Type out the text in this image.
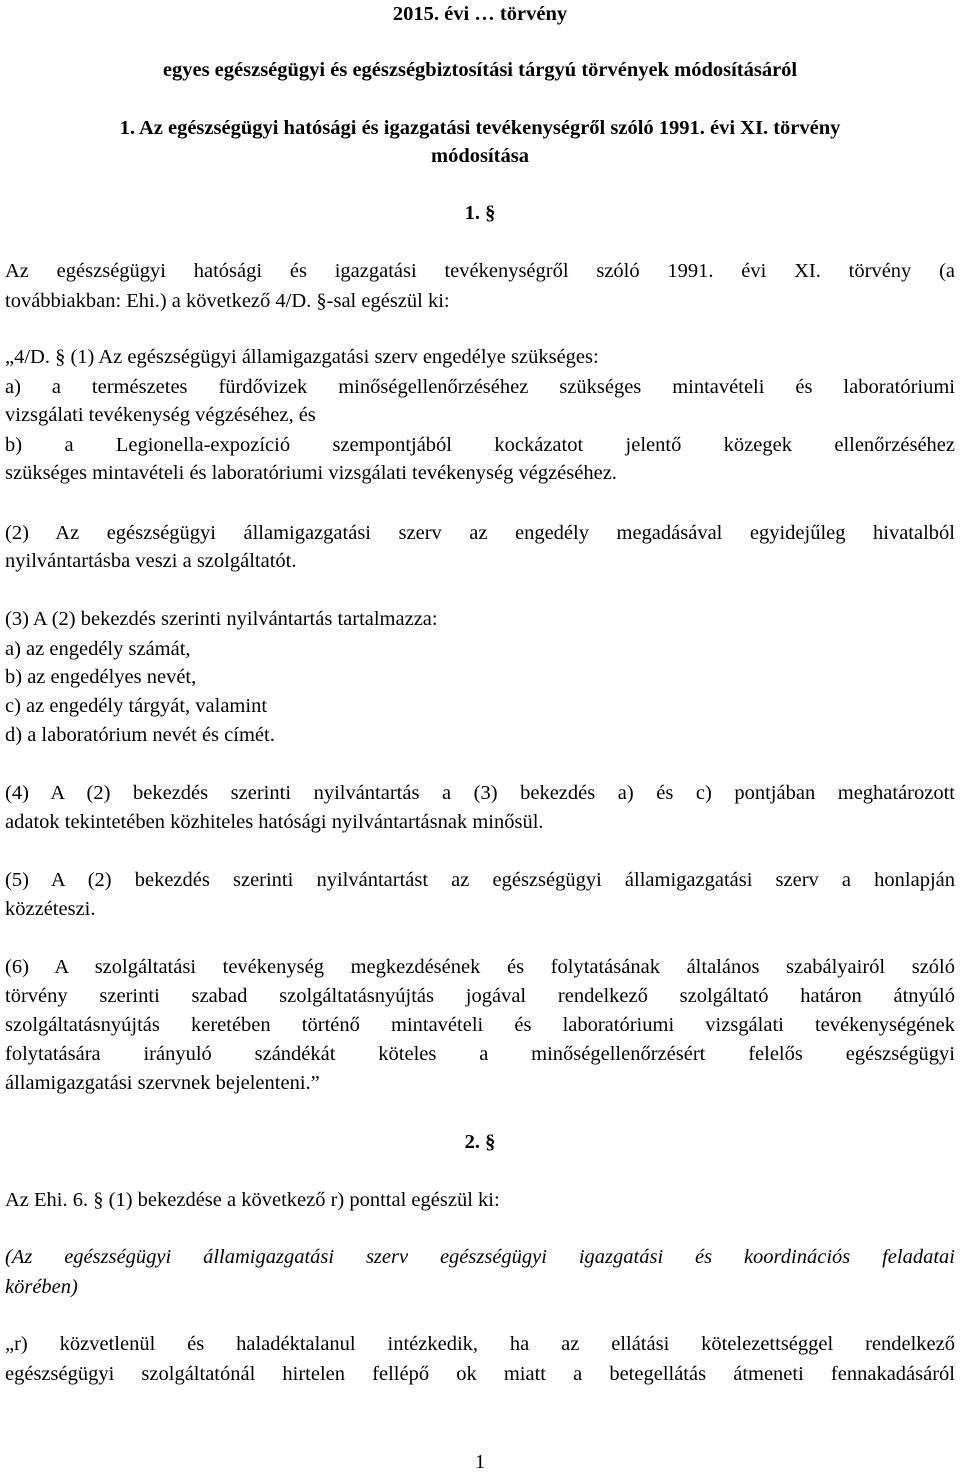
2015. évi … törvény
egyes egészségügyi és egészségbiztosítási tárgyú törvények módosításáról
1. Az egészségügyi hatósági és igazgatási tevékenységről szóló 1991. évi XI. törvény
módosítása
1. §
Az egészségügyi hatósági és igazgatási tevékenységről szóló 1991. évi XI. törvény (a
továbbiakban: Ehi.) a következő 4/D. §-sal egészül ki:
„4/D. § (1) Az egészségügyi államigazgatási szerv engedélye szükséges:
a) a természetes fürdővizek minőségellenőrzéséhez szükséges mintavételi és laboratóriumi
vizsgálati tevékenység végzéséhez, és
b) a Legionella-expozíció szempontjából kockázatot jelentő közegek ellenőrzéséhez
szükséges mintavételi és laboratóriumi vizsgálati tevékenység végzéséhez.
(2) Az egészségügyi államigazgatási szerv az engedély megadásával egyidejűleg hivatalból
nyilvántartásba veszi a szolgáltatót.
(3) A (2) bekezdés szerinti nyilvántartás tartalmazza:
a) az engedély számát,
b) az engedélyes nevét,
c) az engedély tárgyát, valamint
d) a laboratórium nevét és címét.
(4) A (2) bekezdés szerinti nyilvántartás a (3) bekezdés a) és c) pontjában meghatározott
adatok tekintetében közhiteles hatósági nyilvántartásnak minősül.
(5) A (2) bekezdés szerinti nyilvántartást az egészségügyi államigazgatási szerv a honlapján
közzéteszi.
(6) A szolgáltatási tevékenység megkezdésének és folytatásának általános szabályairól szóló
törvény szerinti szabad szolgáltatásnyújtás jogával rendelkező szolgáltató határon átnyúló
szolgáltatásnyújtás keretében történő mintavételi és laboratóriumi vizsgálati tevékenységének
folytatására irányuló szándékát köteles a minőségellenőrzésért felelős egészségügyi
államigazgatási szervnek bejelenteni.”
2. §
Az Ehi. 6. § (1) bekezdése a következő r) ponttal egészül ki:
(Az egészségügyi államigazgatási szerv egészségügyi igazgatási és koordinációs feladatai
körében)
„r) közvetlenül és haladéktalanul intézkedik, ha az ellátási kötelezettséggel rendelkező
egészségügyi szolgáltatónál hirtelen fellépő ok miatt a betegellátás átmeneti fennakadásáról
1
